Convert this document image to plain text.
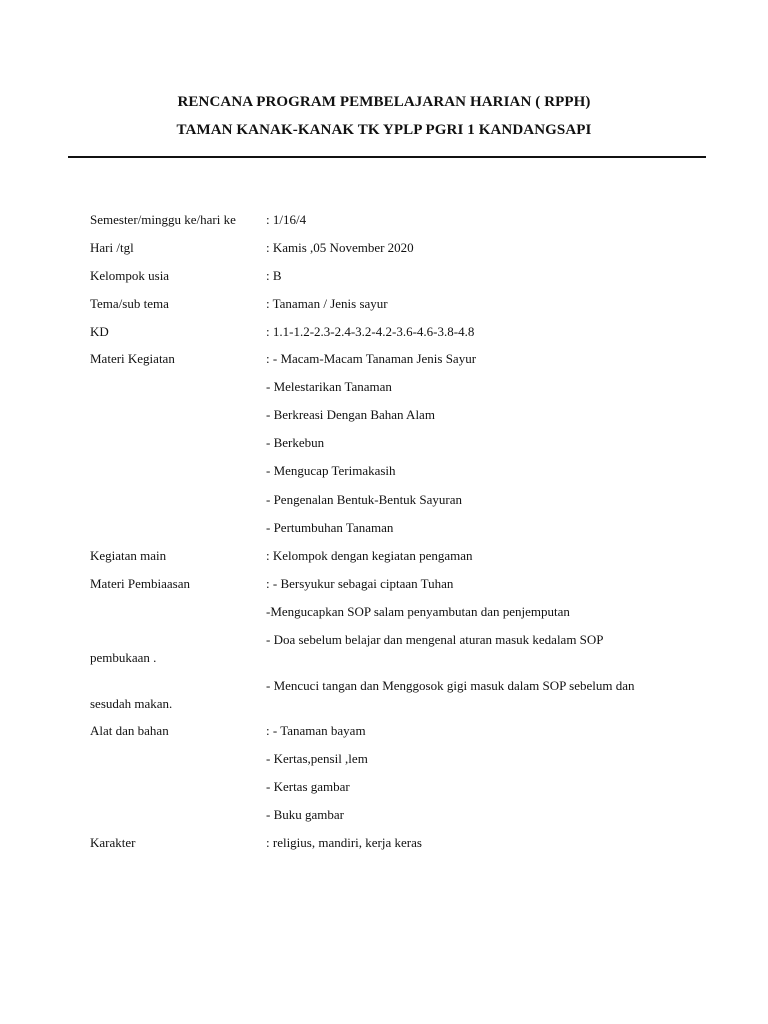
RENCANA PROGRAM PEMBELAJARAN HARIAN ( RPPH)
TAMAN KANAK-KANAK TK YPLP PGRI 1 KANDANGSAPI
Semester/minggu ke/hari ke : 1/16/4
Hari /tgl	: Kamis ,05 November 2020
Kelompok usia	: B
Tema/sub tema	: Tanaman / Jenis sayur
KD	: 1.1-1.2-2.3-2.4-3.2-4.2-3.6-4.6-3.8-4.8
Materi Kegiatan	: - Macam-Macam Tanaman Jenis Sayur
- Melestarikan Tanaman
- Berkreasi Dengan Bahan Alam
- Berkebun
- Mengucap Terimakasih
- Pengenalan Bentuk-Bentuk Sayuran
- Pertumbuhan Tanaman
Kegiatan main	: Kelompok dengan kegiatan pengaman
Materi Pembiaasan	: - Bersyukur sebagai ciptaan Tuhan
-Mengucapkan SOP salam penyambutan dan penjemputan
- Doa sebelum belajar dan mengenal aturan masuk kedalam SOP
pembukaan .
- Mencuci tangan dan Menggosok gigi masuk dalam SOP sebelum dan
sesudah makan.
Alat dan bahan	: - Tanaman bayam
- Kertas,pensil ,lem
- Kertas gambar
- Buku gambar
Karakter	: religius, mandiri, kerja keras
